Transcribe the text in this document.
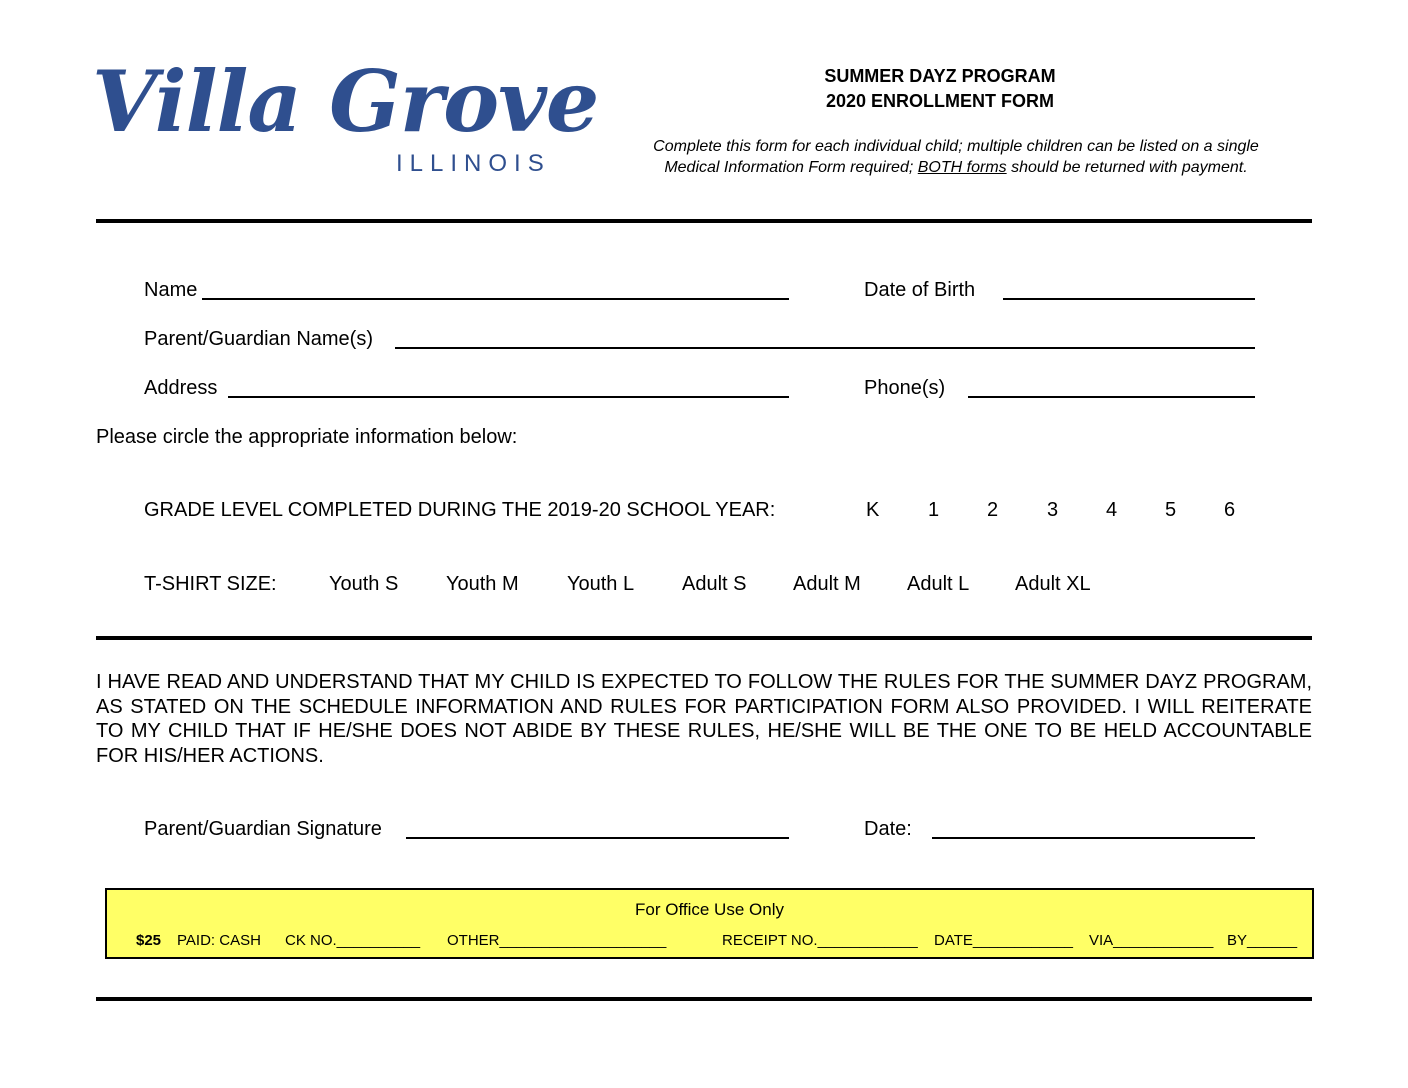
Villa Grove
ILLINOIS
SUMMER DAYZ PROGRAM
2020 ENROLLMENT FORM
Complete this form for each individual child; multiple children can be listed on a single
Medical Information Form required; BOTH forms should be returned with payment.
Name	Date of Birth
Parent/Guardian Name(s)
Address	Phone(s)
Please circle the appropriate information below:
GRADE LEVEL COMPLETED DURING THE 2019-20 SCHOOL YEAR:	K 1 2 3 4 5 6
T-SHIRT SIZE:	Youth S Youth M Youth L Adult S Adult M Adult L Adult XL
I HAVE READ AND UNDERSTAND THAT MY CHILD IS EXPECTED TO FOLLOW THE RULES FOR THE SUMMER DAYZ PROGRAM, AS STATED ON THE SCHEDULE INFORMATION AND RULES FOR PARTICIPATION FORM ALSO PROVIDED. I WILL REITERATE TO MY CHILD THAT IF HE/SHE DOES NOT ABIDE BY THESE RULES, HE/SHE WILL BE THE ONE TO BE HELD ACCOUNTABLE FOR HIS/HER ACTIONS.
Parent/Guardian Signature	Date:
For Office Use Only
$25 PAID: CASH CK NO.__________ OTHER____________________	RECEIPT NO.____________ DATE____________ VIA____________ BY______
